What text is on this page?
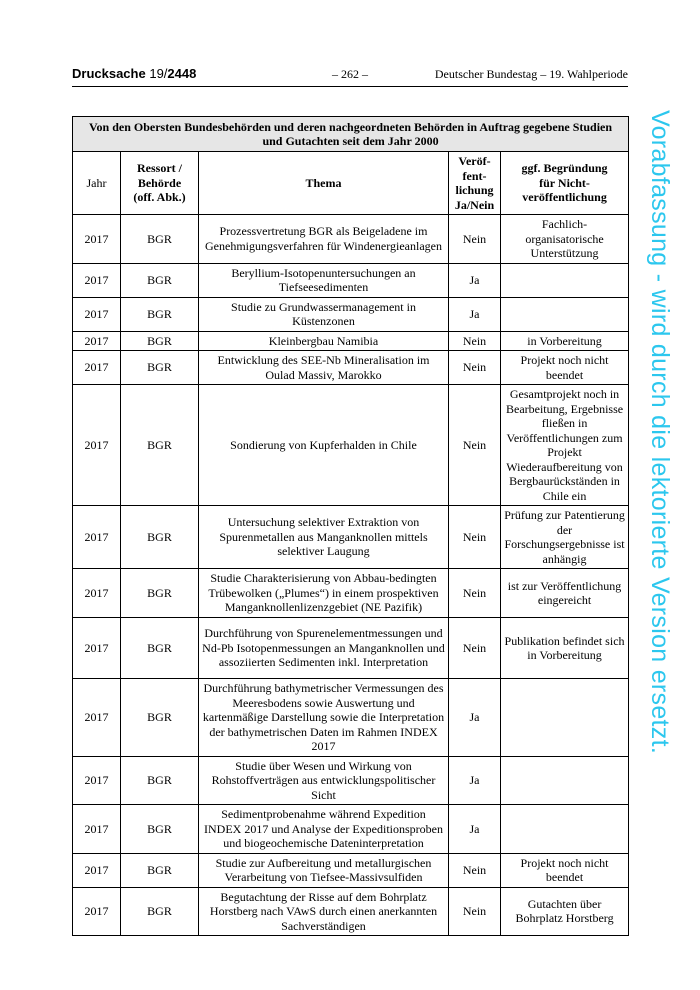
Drucksache 19/2448	– 262 –	Deutscher Bundestag – 19. Wahlperiode
Von den Obersten Bundesbehörden und deren nachgeordneten Behörden in Auftrag gegebene Studien und Gutachten seit dem Jahr 2000				
Jahr	Ressort /
Behörde
(off. Abk.)	Thema	Veröf-
fent-
lichung
Ja/Nein	ggf. Begründung
für Nicht-
veröffentlichung
2017	BGR	Prozessvertretung BGR als Beigeladene im Genehmigungsverfahren für Windenergieanlagen	Nein	Fachlich-organisatorische Unterstützung
2017	BGR	Beryllium-Isotopenuntersuchungen an Tiefseesedimenten	Ja	
2017	BGR	Studie zu Grundwassermanagement in Küstenzonen	Ja	
2017	BGR	Kleinbergbau Namibia	Nein	in Vorbereitung
2017	BGR	Entwicklung des SEE-Nb Mineralisation im Oulad Massiv, Marokko	Nein	Projekt noch nicht beendet
2017	BGR	Sondierung von Kupferhalden in Chile	Nein	Gesamtprojekt noch in Bearbeitung, Ergebnisse fließen in Veröffentlichungen zum Projekt Wiederaufbereitung von Bergbaurückständen in Chile ein
2017	BGR	Untersuchung selektiver Extraktion von Spurenmetallen aus Manganknollen mittels selektiver Laugung	Nein	Prüfung zur Patentierung der Forschungsergebnisse ist anhängig
2017	BGR	Studie Charakterisierung von Abbau-bedingten Trübewolken („Plumes“) in einem prospektiven Manganknollenlizenzgebiet (NE Pazifik)	Nein	ist zur Veröffentlichung eingereicht
2017	BGR	Durchführung von Spurenelementmessungen und Nd-Pb Isotopenmessungen an Manganknollen und assoziierten Sedimenten inkl. Interpretation	Nein	Publikation befindet sich in Vorbereitung
2017	BGR	Durchführung bathymetrischer Vermessungen des Meeresbodens sowie Auswertung und kartenmäßige Darstellung sowie die Interpretation der bathymetrischen Daten im Rahmen INDEX 2017	Ja	
2017	BGR	Studie über Wesen und Wirkung von Rohstoffverträgen aus entwicklungspolitischer Sicht	Ja	
2017	BGR	Sedimentprobenahme während Expedition INDEX 2017 und Analyse der Expeditionsproben und biogeochemische Dateninterpretation	Ja	
2017	BGR	Studie zur Aufbereitung und metallurgischen Verarbeitung von Tiefsee-Massivsulfiden	Nein	Projekt noch nicht beendet
2017	BGR	Begutachtung der Risse auf dem Bohrplatz Horstberg nach VAwS durch einen anerkannten Sachverständigen	Nein	Gutachten über Bohrplatz Horstberg
Vorabfassung - wird durch die lektorierte Version ersetzt.
